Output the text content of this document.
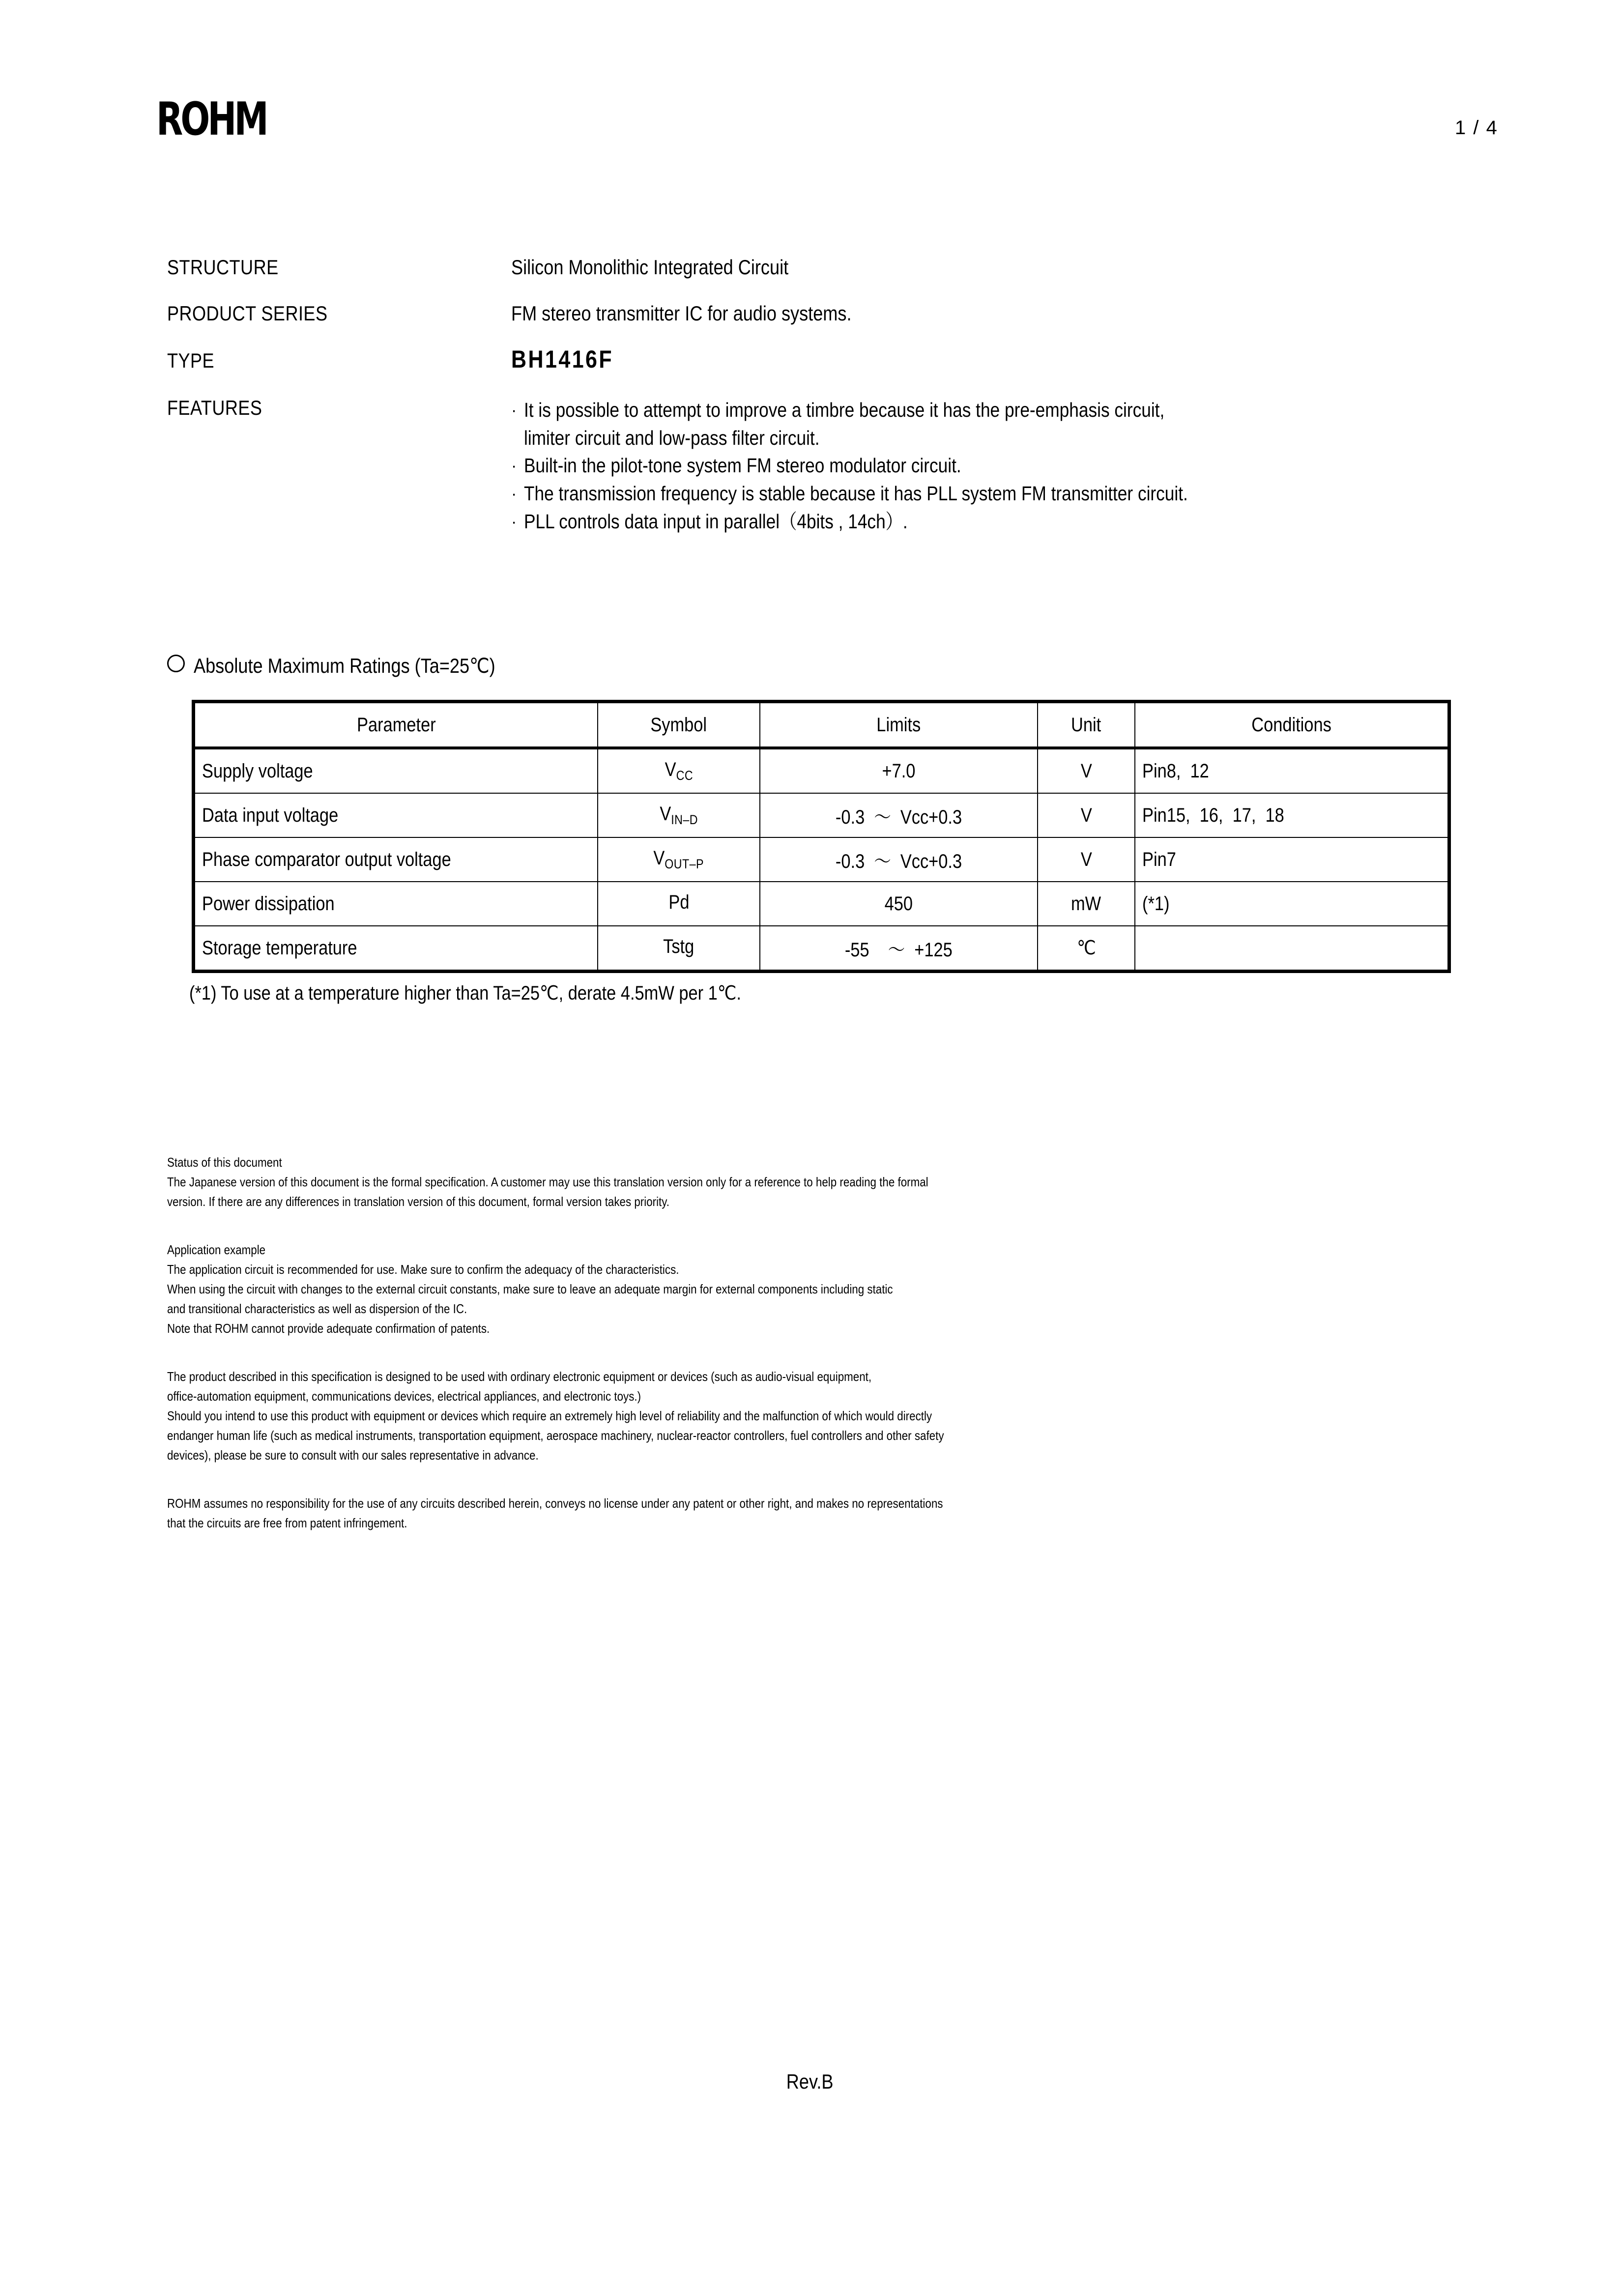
ROHM	1 / 4
STRUCTURE	Silicon Monolithic Integrated Circuit
PRODUCT SERIES	FM stereo transmitter IC for audio systems.
TYPE	BH1416F
FEATURES	· It is possible to attempt to improve a timbre because it has the pre-emphasis circuit,
limiter circuit and low-pass filter circuit.
· Built-in the pilot-tone system FM stereo modulator circuit.
· The transmission frequency is stable because it has PLL system FM transmitter circuit.
· PLL controls data input in parallel（4bits , 14ch）.
Absolute Maximum Ratings (Ta=25℃)
Parameter	Symbol	Limits	Unit	Conditions
Supply voltage	$V_{CC}$	+7.0	V	Pin8,  12
Data input voltage	$V_{IN-D}$	-0.3  ～  Vcc+0.3	V	Pin15,  16,  17,  18
Phase comparator output voltage	$V_{OUT-P}$	-0.3  ～  Vcc+0.3	V	Pin7
Power dissipation	Pd	450	mW	(*1)
Storage temperature	Tstg	-55    ～  +125	℃	
(*1) To use at a temperature higher than Ta=25℃, derate 4.5mW per 1℃.
Status of this document
The Japanese version of this document is the formal specification. A customer may use this translation version only for a reference to help reading the formal
version. If there are any differences in translation version of this document, formal version takes priority.
Application example
The application circuit is recommended for use. Make sure to confirm the adequacy of the characteristics.
When using the circuit with changes to the external circuit constants, make sure to leave an adequate margin for external components including static
and transitional characteristics as well as dispersion of the IC.
Note that ROHM cannot provide adequate confirmation of patents.
The product described in this specification is designed to be used with ordinary electronic equipment or devices (such as audio-visual equipment,
office-automation equipment, communications devices, electrical appliances, and electronic toys.)
Should you intend to use this product with equipment or devices which require an extremely high level of reliability and the malfunction of which would directly
endanger human life (such as medical instruments, transportation equipment, aerospace machinery, nuclear-reactor controllers, fuel controllers and other safety
devices), please be sure to consult with our sales representative in advance.
ROHM assumes no responsibility for the use of any circuits described herein, conveys no license under any patent or other right, and makes no representations
that the circuits are free from patent infringement.
Rev.B
